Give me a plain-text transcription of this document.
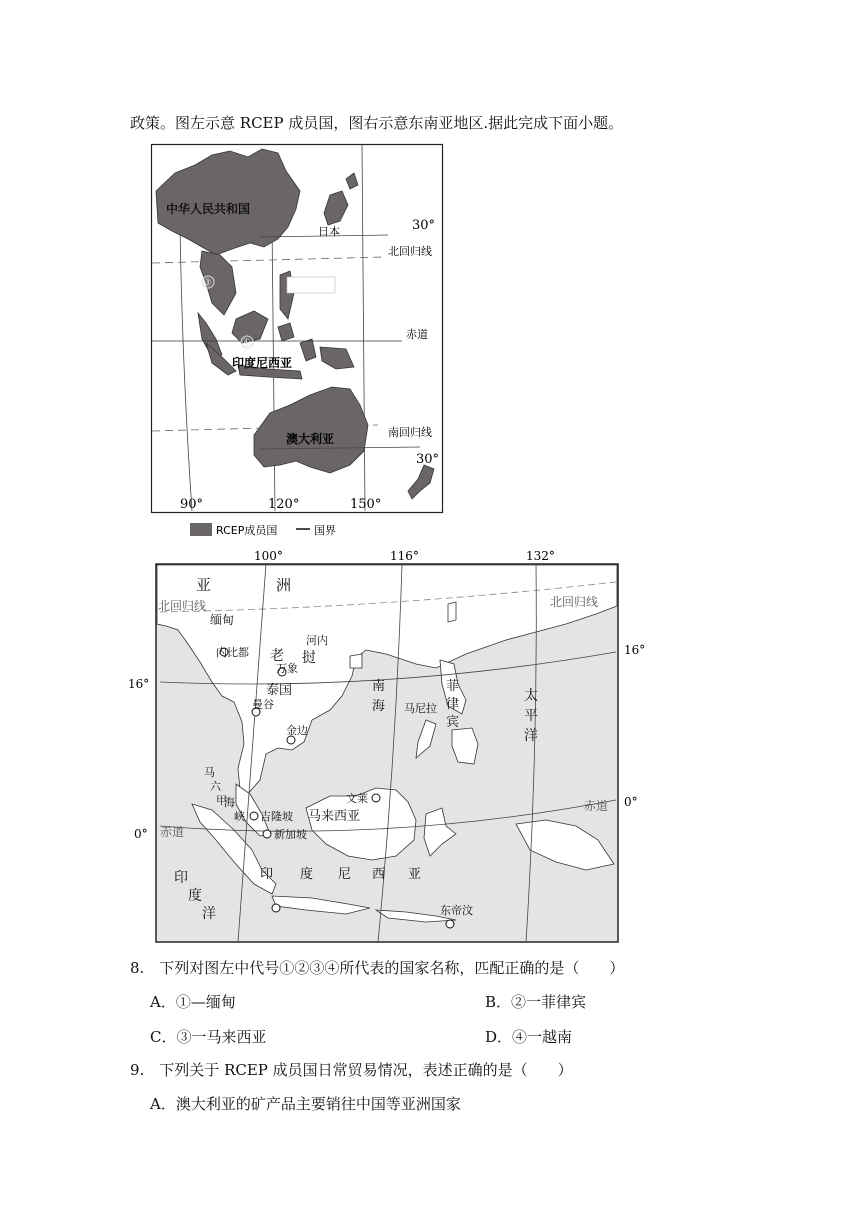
政策。图左示意 RCEP 成员国，图右示意东南亚地区.据此完成下面小题。
中华人民共和国
日本	30°
北回归线
③
赤道
④
印度尼西亚
澳大利亚	南回归线
30°
90°	120°	150°
RCEP成员国	国界
100°	116°	132°
16°
16°
0°
0°
亚	洲
北回归线	北回归线
缅甸
内比都
河内
老 挝
万象
泰国
曼谷
金边
南
海
菲
律
宾
马尼拉
太
平
洋
马
六
甲
海
峡 吉隆坡 马来西亚
文莱
新加坡
赤道
赤道
印 度 尼 西 亚
印
度
洋	东帝汶
8.　下列对图左中代号①②③④所代表的国家名称，匹配正确的是（　　）
A．①—缅甸	B．②一菲律宾
C．③一马来西亚	D．④一越南
9.　下列关于 RCEP 成员国日常贸易情况，表述正确的是（　　）
A．澳大利亚的矿产品主要销往中国等亚洲国家
